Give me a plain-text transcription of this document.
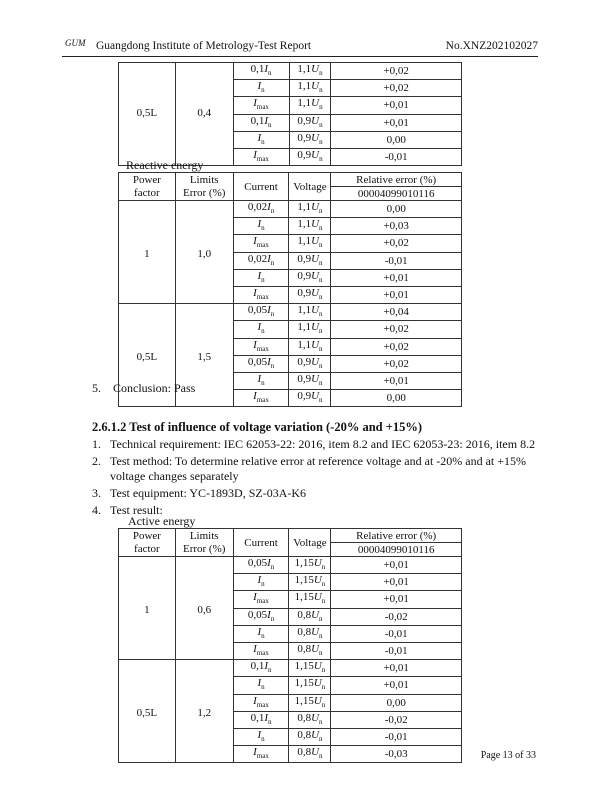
GUM Guangdong Institute of Metrology-Test Report	No.XNZ202102027
		$0,1I_n$	$1,1U_n$	+0,02
		$I_n$	$1,1U_n$	+0,02
0,5L	0,4	$I_{max}$	$1,1U_n$	+0,01
		$0,1I_n$	$0,9U_n$	+0,01
		$I_n$	$0,9U_n$	0,00
		$I_{max}$	$0,9U_n$	-0,01
Reactive energy
Power	Limits	Current	Voltage	Relative error (%)
factor	Error (%)			00004099010116
		$0,02I_n$	$1,1U_n$	0,00
		$I_n$	$1,1U_n$	+0,03
1	1,0	$I_{max}$	$1,1U_n$	+0,02
		$0,02I_n$	$0,9U_n$	-0,01
		$I_n$	$0,9U_n$	+0,01
		$I_{max}$	$0,9U_n$	+0,01
		$0,05I_n$	$1,1U_n$	+0,04
		$I_n$	$1,1U_n$	+0,02
0,5L	1,5	$I_{max}$	$1,1U_n$	+0,02
		$0,05I_n$	$0,9U_n$	+0,02
		$I_n$	$0,9U_n$	+0,01
		$I_{max}$	$0,9U_n$	0,00
5. Conclusion: Pass
2.6.1.2 Test of influence of voltage variation (-20% and +15%)
1. Technical requirement: IEC 62053-22: 2016, item 8.2 and IEC 62053-23: 2016, item 8.2
2. Test method: To determine relative error at reference voltage and at -20% and at +15%
voltage changes separately
3. Test equipment: YC-1893D, SZ-03A-K6
4. Test result:
Active energy
Power	Limits	Current	Voltage	Relative error (%)
factor	Error (%)			00004099010116
		$0,05I_n$	$1,15U_n$	+0,01
		$I_n$	$1,15U_n$	+0,01
1	0,6	$I_{max}$	$1,15U_n$	+0,01
		$0,05I_n$	$0,8U_n$	-0,02
		$I_n$	$0,8U_n$	-0,01
		$I_{max}$	$0,8U_n$	-0,01
		$0,1I_n$	$1,15U_n$	+0,01
		$I_n$	$1,15U_n$	+0,01
0,5L	1,2	$I_{max}$	$1,15U_n$	0,00
		$0,1I_n$	$0,8U_n$	-0,02
		$I_n$	$0,8U_n$	-0,01
		$I_{max}$	$0,8U_n$	-0,03	Page 13 of 33
